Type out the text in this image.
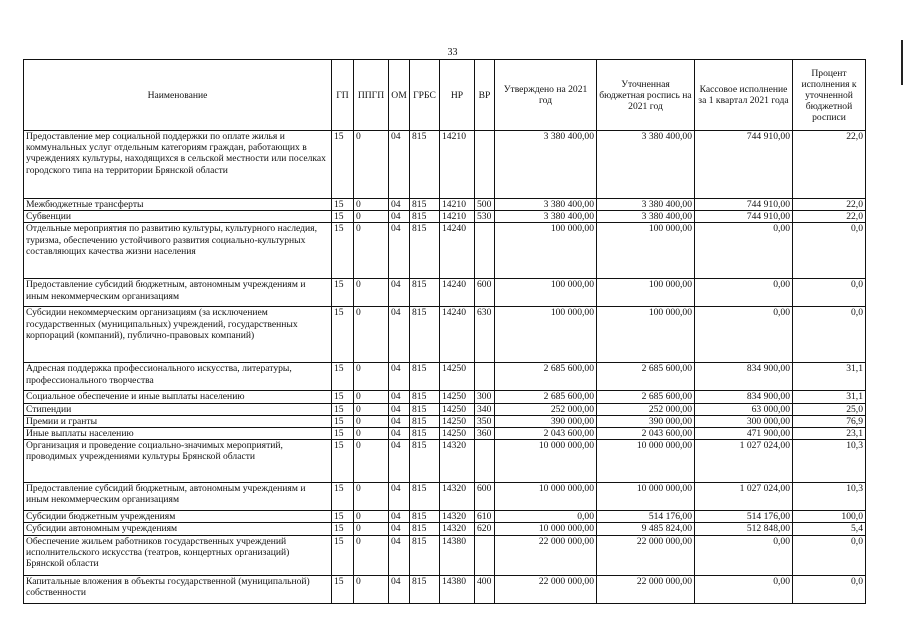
33
Наименование	ГП	ППГП	ОМ	ГРБС	НР	ВР	Утверждено на 2021 год	Уточненная бюджетная роспись на 2021 год	Кассовое исполнение за 1 квартал 2021 года	Процент исполнения к уточненной бюджетной росписи
Предоставление мер социальной поддержки по оплате жилья и коммунальных услуг отдельным категориям граждан, работающих в учреждениях культуры, находящихся в сельской местности или поселках городского типа на территории Брянской области	15	0	04	815	14210		3 380 400,00	3 380 400,00	744 910,00	22,0
Межбюджетные трансферты	15	0	04	815	14210	500	3 380 400,00	3 380 400,00	744 910,00	22,0
Субвенции	15	0	04	815	14210	530	3 380 400,00	3 380 400,00	744 910,00	22,0
Отдельные мероприятия по развитию культуры, культурного наследия, туризма, обеспечению устойчивого развития социально-культурных составляющих качества жизни населения	15	0	04	815	14240		100 000,00	100 000,00	0,00	0,0
Предоставление субсидий бюджетным, автономным учреждениям и иным некоммерческим организациям	15	0	04	815	14240	600	100 000,00	100 000,00	0,00	0,0
Субсидии некоммерческим организациям (за исключением государственных (муниципальных) учреждений, государственных корпораций (компаний), публично-правовых компаний)	15	0	04	815	14240	630	100 000,00	100 000,00	0,00	0,0
Адресная поддержка профессионального искусства, литературы, профессионального творчества	15	0	04	815	14250		2 685 600,00	2 685 600,00	834 900,00	31,1
Социальное обеспечение и иные выплаты населению	15	0	04	815	14250	300	2 685 600,00	2 685 600,00	834 900,00	31,1
Стипендии	15	0	04	815	14250	340	252 000,00	252 000,00	63 000,00	25,0
Премии и гранты	15	0	04	815	14250	350	390 000,00	390 000,00	300 000,00	76,9
Иные выплаты населению	15	0	04	815	14250	360	2 043 600,00	2 043 600,00	471 900,00	23,1
Организация и проведение социально-значимых мероприятий, проводимых учреждениями культуры Брянской области	15	0	04	815	14320		10 000 000,00	10 000 000,00	1 027 024,00	10,3
Предоставление субсидий бюджетным, автономным учреждениям и иным некоммерческим организациям	15	0	04	815	14320	600	10 000 000,00	10 000 000,00	1 027 024,00	10,3
Субсидии бюджетным учреждениям	15	0	04	815	14320	610	0,00	514 176,00	514 176,00	100,0
Субсидии автономным учреждениям	15	0	04	815	14320	620	10 000 000,00	9 485 824,00	512 848,00	5,4
Обеспечение жильем работников государственных учреждений исполнительского искусства (театров, концертных организаций) Брянской области	15	0	04	815	14380		22 000 000,00	22 000 000,00	0,00	0,0
Капитальные вложения в объекты государственной (муниципальной) собственности	15	0	04	815	14380	400	22 000 000,00	22 000 000,00	0,00	0,0
